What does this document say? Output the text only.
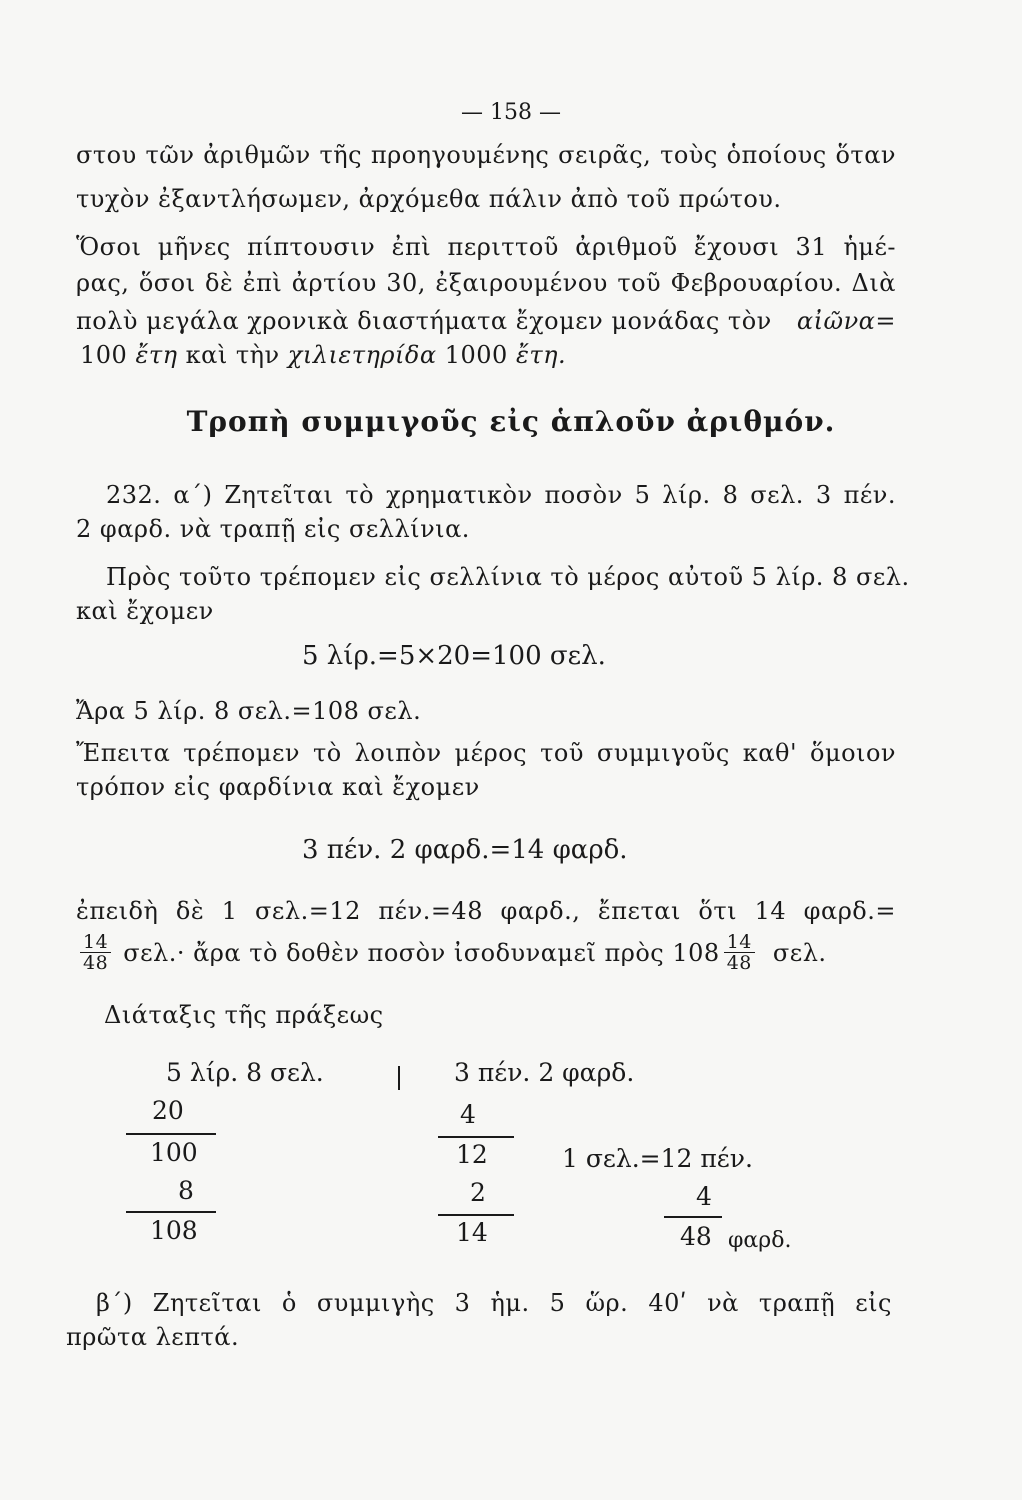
— 158 —
στου τῶν ἀριθμῶν τῆς προηγουμένης σειρᾶς, τοὺς ὁποίους ὅταν
τυχὸν ἐξαντλήσωμεν, ἀρχόμεθα πάλιν ἀπὸ τοῦ πρώτου.
Ὅσοι μῆνες πίπτουσιν ἐπὶ περιττοῦ ἀριθμοῦ ἔχουσι 31 ἡμέ-
ρας, ὅσοι δὲ ἐπὶ ἀρτίου 30, ἐξαιρουμένου τοῦ Φεβρουαρίου. Διὰ
πολὺ μεγάλα χρονικὰ διαστήματα ἔχομεν μονάδας τὸν αἰῶνα=
100 ἔτη καὶ τὴν χιλιετηρίδα 1000 ἔτη.
Τροπὴ συμμιγοῦς εἰς ἁπλοῦν ἀριθμόν.
232. α΄) Ζητεῖται τὸ χρηματικὸν ποσὸν 5 λίρ. 8 σελ. 3 πέν.
2 φαρδ. νὰ τραπῇ εἰς σελλίνια.
Πρὸς τοῦτο τρέπομεν εἰς σελλίνια τὸ μέρος αὐτοῦ 5 λίρ. 8 σελ.
καὶ ἔχομεν
5 λίρ.=5×20=100 σελ.
Ἄρα 5 λίρ. 8 σελ.=108 σελ.
Ἔπειτα τρέπομεν τὸ λοιπὸν μέρος τοῦ συμμιγοῦς καθ' ὅμοιον
τρόπον εἰς φαρδίνια καὶ ἔχομεν
3 πέν. 2 φαρδ.=14 φαρδ.
ἐπειδὴ δὲ 1 σελ.=12 πέν.=48 φαρδ., ἔπεται ὅτι 14 φαρδ.=
$\frac{14}{48} \sigma\varepsilon\lambda.\cdot$ ἄρα τὸ δοθὲν ποσὸν ἰσοδυναμεῖ πρὸς $108 \frac{14}{48} \sigma\varepsilon\lambda$.
Διάταξις τῆς πράξεως
5 λίρ. 8 σελ.	3 πέν. 2 φαρδ.
20
100
8
108
4
12
2
14
1 σελ.=12 πέν.
4
48 φαρδ.
β΄) Ζητεῖται ὁ συμμιγὴς 3 ἡμ. 5 ὥρ. 40ʹ νὰ τραπῇ εἰς
πρῶτα λεπτά.
